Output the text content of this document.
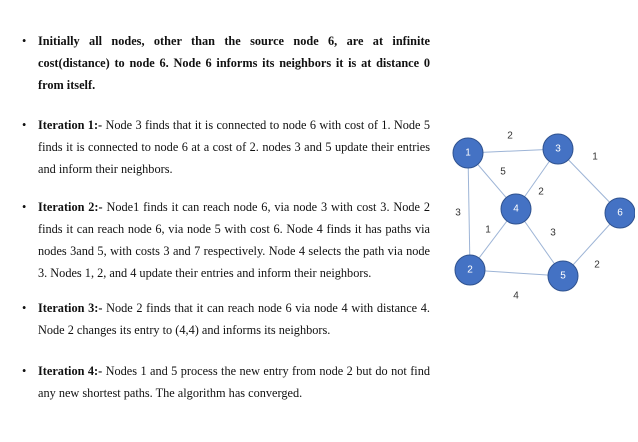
• Initially all nodes, other than the source node 6, are at infinite cost(distance) to node 6. Node 6 informs its neighbors it is at distance 0 from itself.
• Iteration 1:- Node 3 finds that it is connected to node 6 with cost of 1. Node 5 finds it is connected to node 6 at a cost of 2. nodes 3 and 5 update their entries and inform their neighbors.
• Iteration 2:- Node1 finds it can reach node 6, via node 3 with cost 3. Node 2 finds it can reach node 6, via node 5 with cost 6. Node 4 finds it has paths via nodes 3and 5, with costs 3 and 7 respectively. Node 4 selects the path via node 3. Nodes 1, 2, and 4 update their entries and inform their neighbors.
• Iteration 3:- Node 2 finds that it can reach node 6 via node 4 with distance 4. Node 2 changes its entry to (4,4) and informs its neighbors.
• Iteration 4:- Nodes 1 and 5 process the new entry from node 2 but do not find any new shortest paths. The algorithm has converged.
2
5
3
2
1
1	3
4
2
1
2
3
4
5
6
